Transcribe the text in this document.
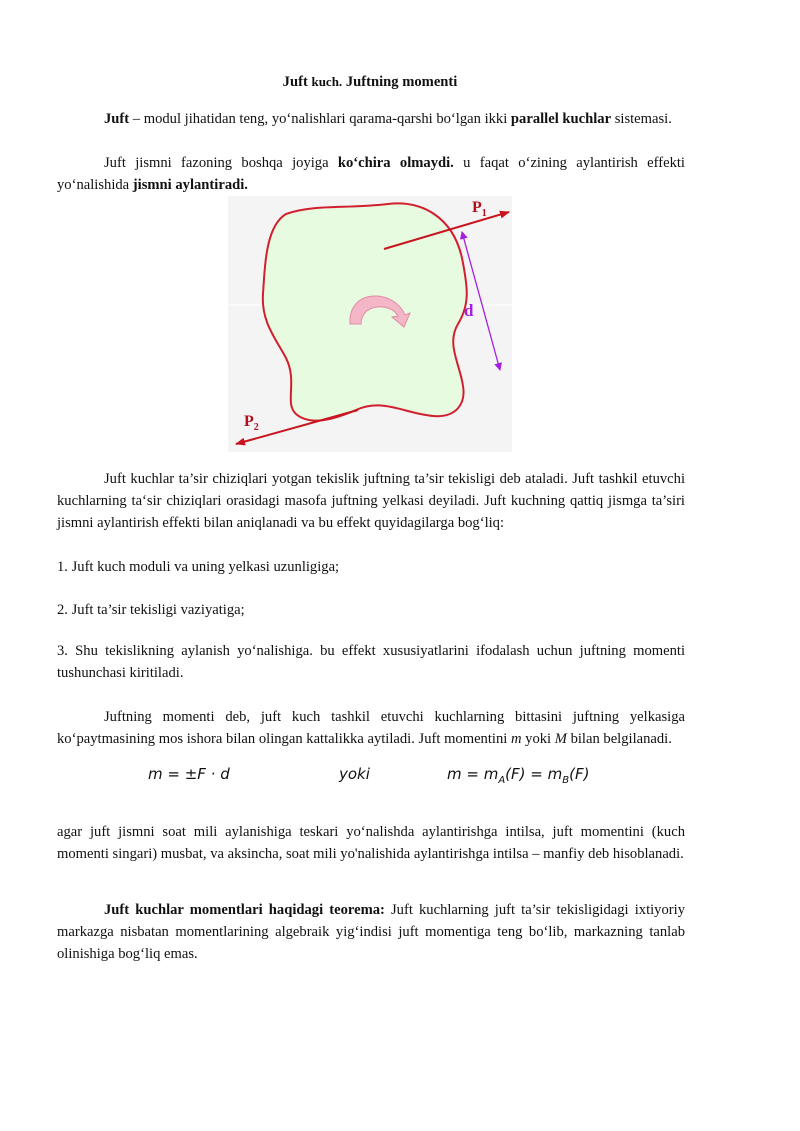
Juft kuch. Juftning momenti
Juft – modul jihatidan teng, yo‘nalishlari qarama-qarshi bo‘lgan ikki parallel kuchlar sistemasi.
Juft jismni fazoning boshqa joyiga ko‘chira olmaydi. u faqat o‘zining aylantirish effekti yo‘nalishida jismni aylantiradi.
$P_1$
$P_2$
d
Juft kuchlar ta’sir chiziqlari yotgan tekislik juftning ta’sir tekisligi deb ataladi. Juft tashkil etuvchi kuchlarning ta‘sir chiziqlari orasidagi masofa juftning yelkasi deyiladi. Juft kuchning qattiq jismga ta’siri jismni aylantirish effekti bilan aniqlanadi va bu effekt quyidagilarga bog‘liq:
1. Juft kuch moduli va uning yelkasi uzunligiga;
2. Juft ta’sir tekisligi vaziyatiga;
3. Shu tekislikning aylanish yo‘nalishiga. bu effekt xususiyatlarini ifodalash uchun juftning momenti tushunchasi kiritiladi.
Juftning momenti deb, juft kuch tashkil etuvchi kuchlarning bittasini juftning yelkasiga ko‘paytmasining mos ishora bilan olingan kattalikka aytiladi. Juft momentini m yoki M bilan belgilanadi.
m = ±F · d	yoki	$m = m_A(F) = m_B(F)$
agar juft jismni soat mili aylanishiga teskari yo‘nalishda aylantirishga intilsa, juft momentini (kuch momenti singari) musbat, va aksincha, soat mili yo'nalishida aylantirishga intilsa – manfiy deb hisoblanadi.
Juft kuchlar momentlari haqidagi teorema: Juft kuchlarning juft ta’sir tekisligidagi ixtiyoriy markazga nisbatan momentlarining algebraik yig‘indisi juft momentiga teng bo‘lib, markazning tanlab olinishiga bog‘liq emas.
